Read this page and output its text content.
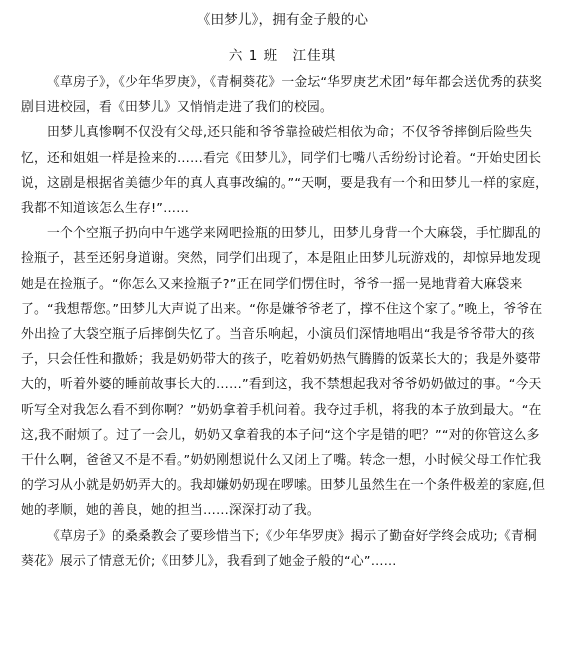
《田梦儿》，拥有金子般的心
六 1 班　江佳琪

《草房子》，《少年华罗庚》，《青桐葵花》一金坛“华罗庚艺术团”每年都会送优秀的获奖剧目进校园，看《田梦儿》又悄悄走进了我们的校园。

田梦儿真惨啊不仅没有父母,还只能和爷爷靠捡破烂相依为命；不仅爷爷摔倒后险些失忆，还和姐姐一样是捡来的……看完《田梦儿》，同学们七嘴八舌纷纷讨论着。“开始史团长说，这剧是根据省美德少年的真人真事改编的。”“天啊，要是我有一个和田梦儿一样的家庭，我都不知道该怎么生存!”……

一个个空瓶子扔向中午逃学来网吧捡瓶的田梦儿，田梦儿身背一个大麻袋，手忙脚乱的捡瓶子，甚至还躬身道谢。突然，同学们出现了，本是阻止田梦儿玩游戏的，却惊异地发现她是在捡瓶子。“你怎么又来捡瓶子?”正在同学们愣住时，爷爷一摇一晃地背着大麻袋来了。“我想帮您。”田梦儿大声说了出来。“你是嫌爷爷老了，撑不住这个家了。”晚上，爷爷在外出捡了大袋空瓶子后摔倒失忆了。当音乐响起，小演员们深情地唱出“我是爷爷带大的孩子，只会任性和撒娇；我是奶奶带大的孩子，吃着奶奶热气腾腾的饭菜长大的；我是外婆带大的，听着外婆的睡前故事长大的……”看到这，我不禁想起我对爷爷奶奶做过的事。“今天听写全对我怎么看不到你啊？”奶奶拿着手机问着。我夺过手机，将我的本子放到最大。“在这,我不耐烦了。过了一会儿，奶奶又拿着我的本子问“这个字是错的吧？”“对的你管这么多干什么啊，爸爸又不是不看。”奶奶刚想说什么又闭上了嘴。转念一想，小时候父母工作忙我的学习从小就是奶奶弄大的。我却嫌奶奶现在啰嗦。田梦儿虽然生在一个条件极差的家庭,但她的孝顺，她的善良，她的担当……深深打动了我。

《草房子》的桑桑教会了要珍惜当下;《少年华罗庚》揭示了勤奋好学终会成功;《青桐葵花》展示了情意无价;《田梦儿》，我看到了她金子般的“心”……
